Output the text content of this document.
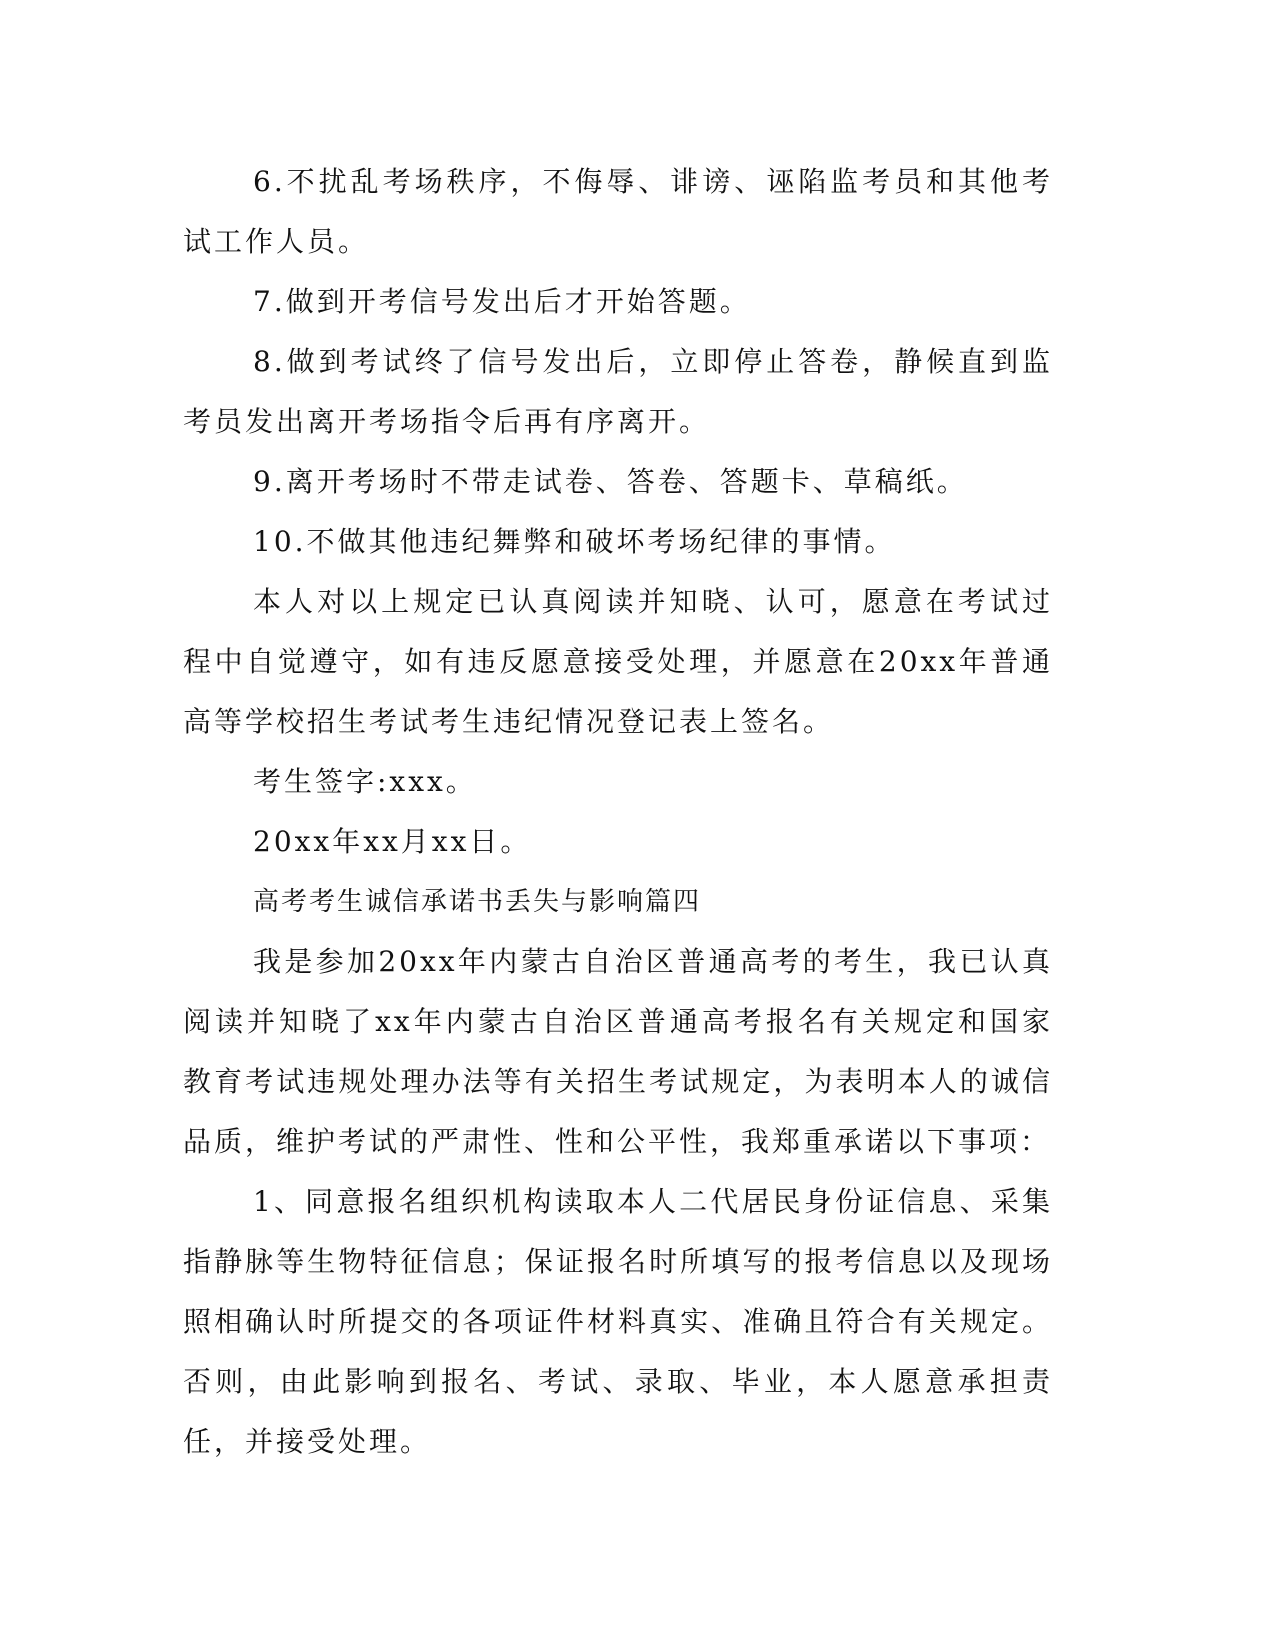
6.不扰乱考场秩序，不侮辱、诽谤、诬陷监考员和其他考试工作人员。

7.做到开考信号发出后才开始答题。

8.做到考试终了信号发出后，立即停止答卷，静候直到监考员发出离开考场指令后再有序离开。

9.离开考场时不带走试卷、答卷、答题卡、草稿纸。

10.不做其他违纪舞弊和破坏考场纪律的事情。

本人对以上规定已认真阅读并知晓、认可，愿意在考试过程中自觉遵守，如有违反愿意接受处理，并愿意在20xx年普通高等学校招生考试考生违纪情况登记表上签名。

考生签字:xxx。

20xx年xx月xx日。

高考考生诚信承诺书丢失与影响篇四

我是参加20xx年内蒙古自治区普通高考的考生，我已认真阅读并知晓了xx年内蒙古自治区普通高考报名有关规定和国家教育考试违规处理办法等有关招生考试规定，为表明本人的诚信品质，维护考试的严肃性、性和公平性，我郑重承诺以下事项：

1、同意报名组织机构读取本人二代居民身份证信息、采集指静脉等生物特征信息；保证报名时所填写的报考信息以及现场照相确认时所提交的各项证件材料真实、准确且符合有关规定。否则，由此影响到报名、考试、录取、毕业，本人愿意承担责任，并接受处理。
